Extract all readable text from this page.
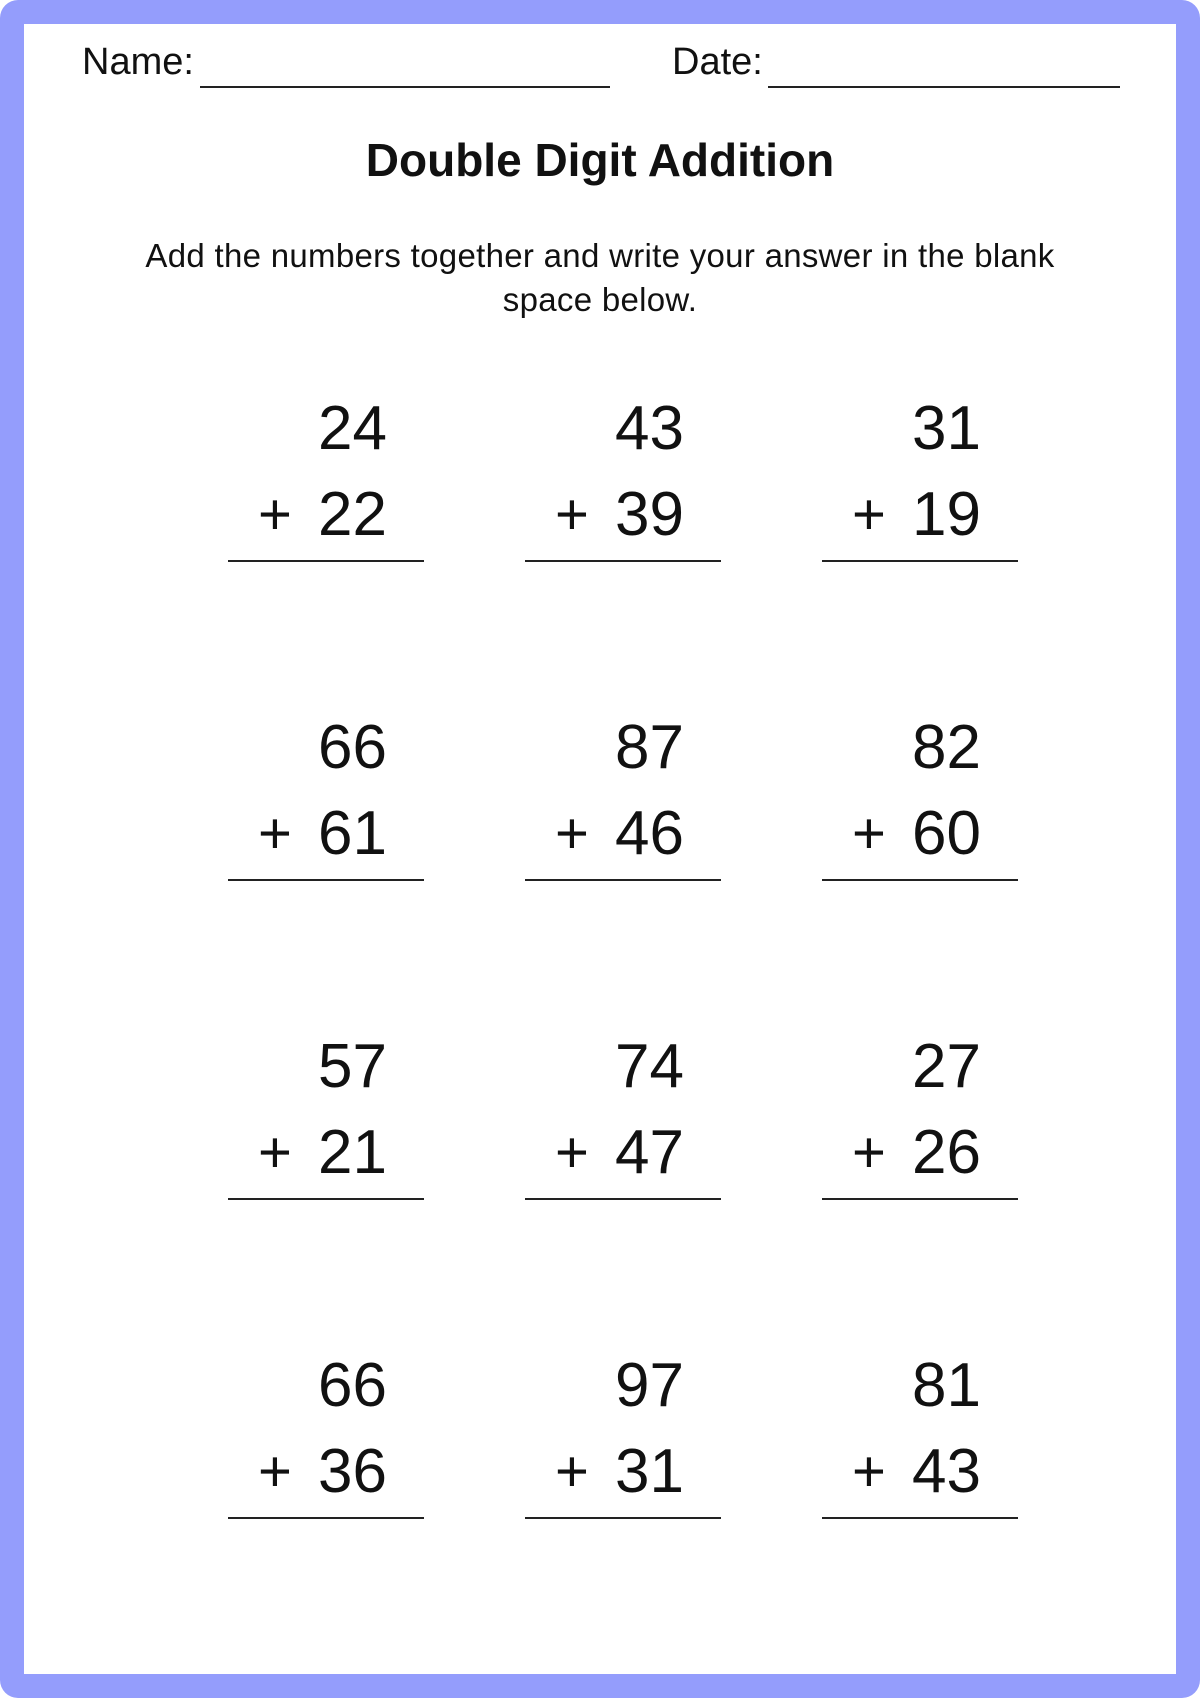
Name:	Date:
Double Digit Addition
Add the numbers together and write your answer in the blank space below.
24
+ 22
43
+ 39
31
+ 19
66
+ 61
87
+ 46
82
+ 60
57
+ 21
74
+ 47
27
+ 26
66
+ 36
97
+ 31
81
+ 43
